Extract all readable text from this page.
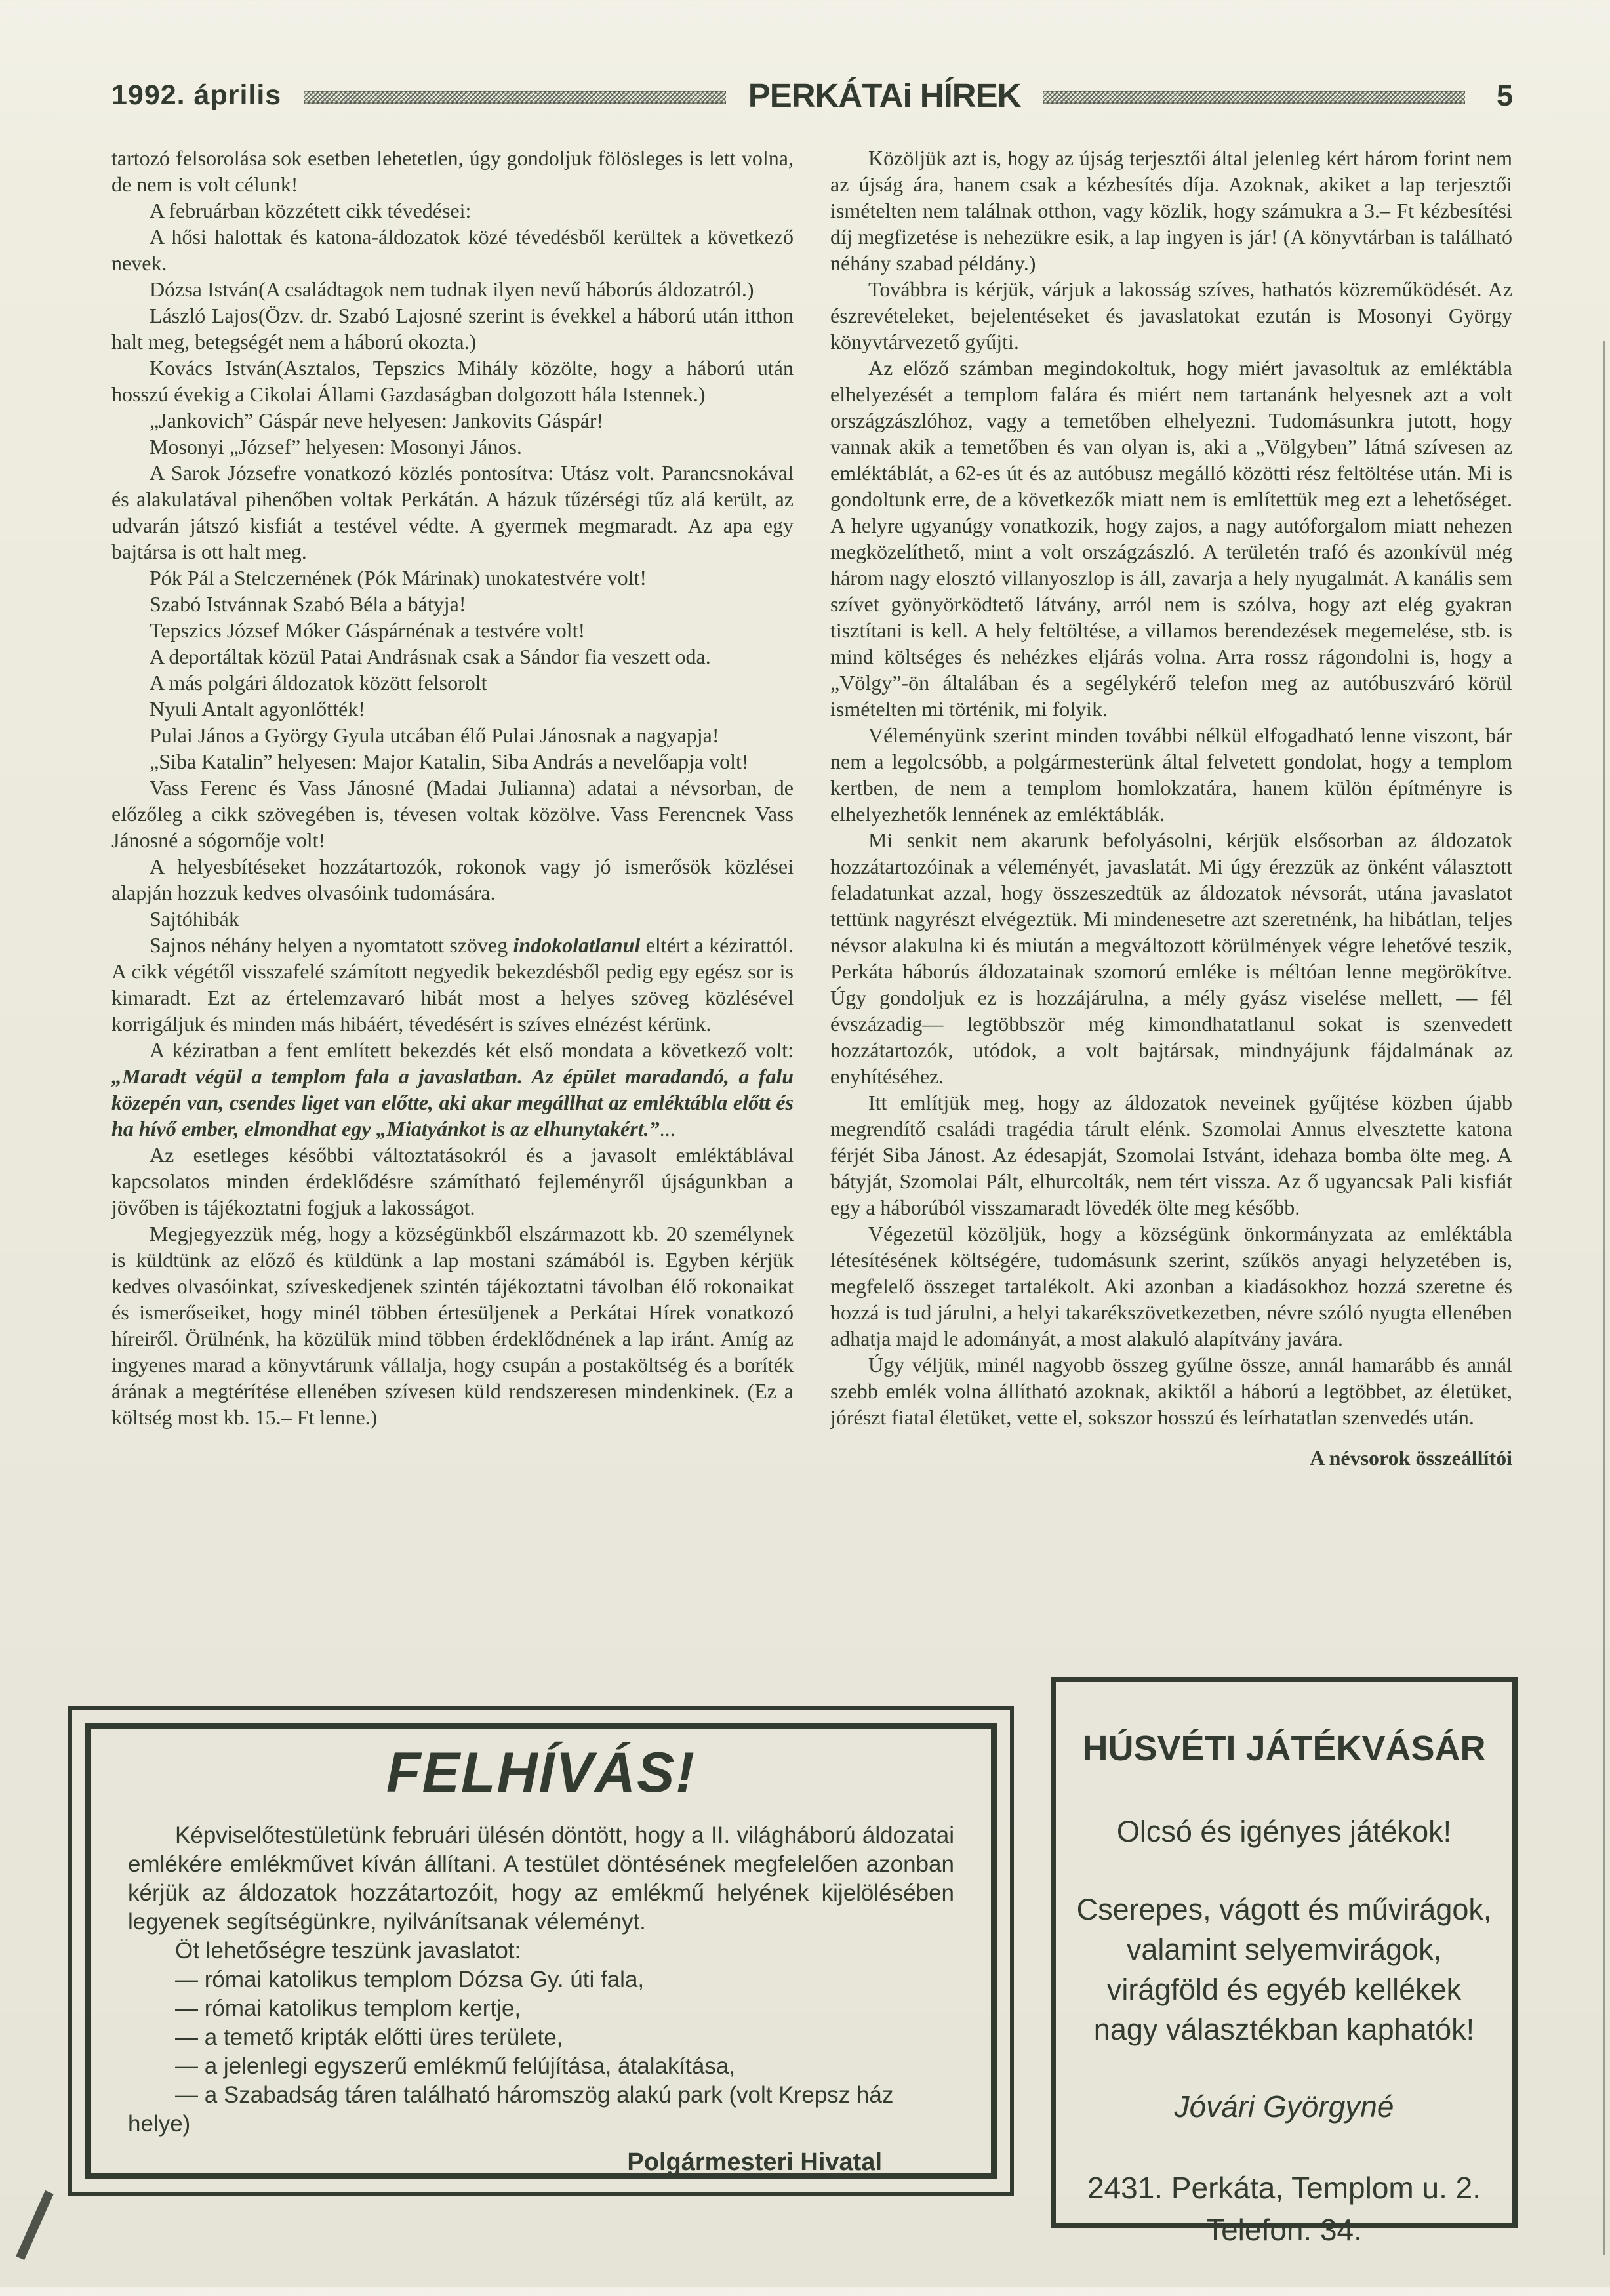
1992. április	PERKÁTAi HÍREK	5

tartozó felsorolása sok esetben lehetetlen, úgy gondoljuk fölösleges is lett volna, de nem is volt célunk!

A februárban közzétett cikk tévedései:

A hősi halottak és katona-áldozatok közé tévedésből kerültek a következő nevek.

Dózsa István(A családtagok nem tudnak ilyen nevű háborús áldozatról.)

László Lajos(Özv. dr. Szabó Lajosné szerint is évekkel a háború után itthon halt meg, betegségét nem a háború okozta.)

Kovács István(Asztalos, Tepszics Mihály közölte, hogy a háború után hosszú évekig a Cikolai Állami Gazdaságban dolgozott hála Istennek.)

„Jankovich” Gáspár neve helyesen: Jankovits Gáspár!

Mosonyi „József” helyesen: Mosonyi János.

A Sarok Józsefre vonatkozó közlés pontosítva: Utász volt. Parancsnokával és alakulatával pihenőben voltak Perkátán. A házuk tűzérségi tűz alá került, az udvarán játszó kisfiát a testével védte. A gyermek megmaradt. Az apa egy bajtársa is ott halt meg.

Pók Pál a Stelczernének (Pók Márinak) unokatestvére volt!

Szabó Istvánnak Szabó Béla a bátyja!

Tepszics József Móker Gáspárnénak a testvére volt!

A deportáltak közül Patai Andrásnak csak a Sándor fia veszett oda.

A más polgári áldozatok között felsorolt

Nyuli Antalt agyonlőtték!

Pulai János a György Gyula utcában élő Pulai Jánosnak a nagyapja!

„Siba Katalin” helyesen: Major Katalin, Siba András a nevelőapja volt!

Vass Ferenc és Vass Jánosné (Madai Julianna) adatai a névsorban, de előzőleg a cikk szövegében is, tévesen voltak közölve. Vass Ferencnek Vass Jánosné a sógornője volt!

A helyesbítéseket hozzátartozók, rokonok vagy jó ismerősök közlései alapján hozzuk kedves olvasóink tudomására.

Sajtóhibák

Sajnos néhány helyen a nyomtatott szöveg indokolatlanul eltért a kézirattól. A cikk végétől visszafelé számított negyedik bekezdésből pedig egy egész sor is kimaradt. Ezt az értelemzavaró hibát most a helyes szöveg közlésével korrigáljuk és minden más hibáért, tévedésért is szíves elnézést kérünk.

A kéziratban a fent említett bekezdés két első mondata a következő volt: „Maradt végül a templom fala a javaslatban. Az épület maradandó, a falu közepén van, csendes liget van előtte, aki akar megállhat az emléktábla előtt és ha hívő ember, elmondhat egy „Miatyánkot is az elhunytakért.”...

Az esetleges későbbi változtatásokról és a javasolt emléktáblával kapcsolatos minden érdeklődésre számítható fejleményről újságunkban a jövőben is tájékoztatni fogjuk a lakosságot.

Megjegyezzük még, hogy a községünkből elszármazott kb. 20 személynek is küldtünk az előző és küldünk a lap mostani számából is. Egyben kérjük kedves olvasóinkat, szíveskedjenek szintén tájékoztatni távolban élő rokonaikat és ismerőseiket, hogy minél többen értesüljenek a Perkátai Hírek vonatkozó híreiről. Örülnénk, ha közülük mind többen érdeklődnének a lap iránt. Amíg az ingyenes marad a könyvtárunk vállalja, hogy csupán a postaköltség és a boríték árának a megtérítése ellenében szívesen küld rendszeresen mindenkinek. (Ez a költség most kb. 15.– Ft lenne.)

Közöljük azt is, hogy az újság terjesztői által jelenleg kért három forint nem az újság ára, hanem csak a kézbesítés díja. Azoknak, akiket a lap terjesztői ismételten nem találnak otthon, vagy közlik, hogy számukra a 3.– Ft kézbesítési díj megfizetése is nehezükre esik, a lap ingyen is jár! (A könyvtárban is található néhány szabad példány.)

Továbbra is kérjük, várjuk a lakosság szíves, hathatós közreműködését. Az észrevételeket, bejelentéseket és javaslatokat ezután is Mosonyi György könyvtárvezető gyűjti.

Az előző számban megindokoltuk, hogy miért javasoltuk az emléktábla elhelyezését a templom falára és miért nem tartanánk helyesnek azt a volt országzászlóhoz, vagy a temetőben elhelyezni. Tudomásunkra jutott, hogy vannak akik a temetőben és van olyan is, aki a „Völgyben” látná szívesen az emléktáblát, a 62-es út és az autóbusz megálló közötti rész feltöltése után. Mi is gondoltunk erre, de a következők miatt nem is említettük meg ezt a lehetőséget. A helyre ugyanúgy vonatkozik, hogy zajos, a nagy autóforgalom miatt nehezen megközelíthető, mint a volt országzászló. A területén trafó és azonkívül még három nagy elosztó villanyoszlop is áll, zavarja a hely nyugalmát. A kanális sem szívet gyönyörködtető látvány, arról nem is szólva, hogy azt elég gyakran tisztítani is kell. A hely feltöltése, a villamos berendezések megemelése, stb. is mind költséges és nehézkes eljárás volna. Arra rossz rágondolni is, hogy a „Völgy”-ön általában és a segélykérő telefon meg az autóbuszváró körül ismételten mi történik, mi folyik.

Véleményünk szerint minden további nélkül elfogadható lenne viszont, bár nem a legolcsóbb, a polgármesterünk által felvetett gondolat, hogy a templom kertben, de nem a templom homlokzatára, hanem külön építményre is elhelyezhetők lennének az emléktáblák.

Mi senkit nem akarunk befolyásolni, kérjük elsősorban az áldozatok hozzátartozóinak a véleményét, javaslatát. Mi úgy érezzük az önként választott feladatunkat azzal, hogy összeszedtük az áldozatok névsorát, utána javaslatot tettünk nagyrészt elvégeztük. Mi mindenesetre azt szeretnénk, ha hibátlan, teljes névsor alakulna ki és miután a megváltozott körülmények végre lehetővé teszik, Perkáta háborús áldozatainak szomorú emléke is méltóan lenne megörökítve. Úgy gondoljuk ez is hozzájárulna, a mély gyász viselése mellett, — fél évszázadig— legtöbbször még kimondhatatlanul sokat is szenvedett hozzátartozók, utódok, a volt bajtársak, mindnyájunk fájdalmának az enyhítéséhez.

Itt említjük meg, hogy az áldozatok neveinek gyűjtése közben újabb megrendítő családi tragédia tárult elénk. Szomolai Annus elvesztette katona férjét Siba Jánost. Az édesapját, Szomolai Istvánt, idehaza bomba ölte meg. A bátyját, Szomolai Pált, elhurcolták, nem tért vissza. Az ő ugyancsak Pali kisfiát egy a háborúból visszamaradt lövedék ölte meg később.

Végezetül közöljük, hogy a községünk önkormányzata az emléktábla létesítésének költségére, tudomásunk szerint, szűkös anyagi helyzetében is, megfelelő összeget tartalékolt. Aki azonban a kiadásokhoz hozzá szeretne és hozzá is tud járulni, a helyi takarékszövetkezetben, névre szóló nyugta ellenében adhatja majd le adományát, a most alakuló alapítvány javára.

Úgy véljük, minél nagyobb összeg gyűlne össze, annál hamarább és annál szebb emlék volna állítható azoknak, akiktől a háború a legtöbbet, az életüket, jórészt fiatal életüket, vette el, sokszor hosszú és leírhatatlan szenvedés után.

A névsorok összeállítói

FELHÍVÁS!

Képviselőtestületünk februári ülésén döntött, hogy a II. világháború áldozatai emlékére emlékművet kíván állítani. A testület döntésének megfelelően azonban kérjük az áldozatok hozzátartozóit, hogy az emlékmű helyének kijelölésében legyenek segítségünkre, nyilvánítsanak véleményt.

Öt lehetőségre teszünk javaslatot:

— római katolikus templom Dózsa Gy. úti fala,

— római katolikus templom kertje,

— a temető kripták előtti üres területe,

— a jelenlegi egyszerű emlékmű felújítása, átalakítása,

— a Szabadság táren található háromszög alakú park (volt Krepsz ház helye)

Polgármesteri Hivatal

HÚSVÉTI JÁTÉKVÁSÁR

Olcsó és igényes játékok!

Cserepes, vágott és művirágok,
valamint selyemvirágok,
virágföld és egyéb kellékek
nagy választékban kaphatók!

Jóvári Györgyné

2431. Perkáta, Templom u. 2.

Telefon: 34.
